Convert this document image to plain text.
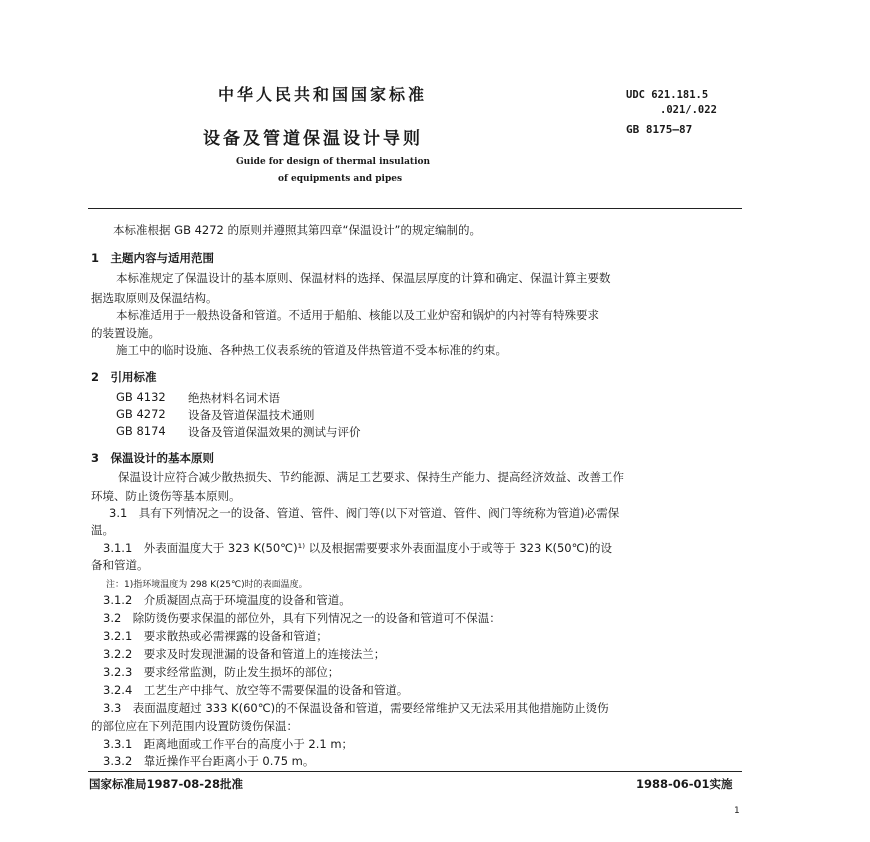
中华人民共和国国家标准
设备及管道保温设计导则
Guide for design of thermal insulation
of equipments and pipes
UDC 621.181.5
.021/.022
GB 8175—87
本标准根据 GB 4272 的原则并遵照其第四章“保温设计”的规定编制的。
1　主题内容与适用范围
本标准规定了保温设计的基本原则、保温材料的选择、保温层厚度的计算和确定、保温计算主要数
据选取原则及保温结构。
本标准适用于一般热设备和管道。不适用于船舶、核能以及工业炉窑和锅炉的内衬等有特殊要求
的装置设施。
施工中的临时设施、各种热工仪表系统的管道及伴热管道不受本标准的约束。
2　引用标准
GB 4132 绝热材料名词术语
GB 4272 设备及管道保温技术通则
GB 8174 设备及管道保温效果的测试与评价
3　保温设计的基本原则
保温设计应符合减少散热损失、节约能源、满足工艺要求、保持生产能力、提高经济效益、改善工作
环境、防止烫伤等基本原则。
3.1　具有下列情况之一的设备、管道、管件、阀门等(以下对管道、管件、阀门等统称为管道)必需保
温。
3.1.1　外表面温度大于 323 K(50℃)¹⁾ 以及根据需要要求外表面温度小于或等于 323 K(50℃)的设
备和管道。
注：1)指环境温度为 298 K(25℃)时的表面温度。
3.1.2　介质凝固点高于环境温度的设备和管道。
3.2　除防烫伤要求保温的部位外，具有下列情况之一的设备和管道可不保温：
3.2.1　要求散热或必需裸露的设备和管道；
3.2.2　要求及时发现泄漏的设备和管道上的连接法兰；
3.2.3　要求经常监测，防止发生损坏的部位；
3.2.4　工艺生产中排气、放空等不需要保温的设备和管道。
3.3　表面温度超过 333 K(60℃)的不保温设备和管道，需要经常维护又无法采用其他措施防止烫伤
的部位应在下列范围内设置防烫伤保温：
3.3.1　距离地面或工作平台的高度小于 2.1 m；
3.3.2　靠近操作平台距离小于 0.75 m。
国家标准局1987-08-28批准	1988-06-01实施
1
